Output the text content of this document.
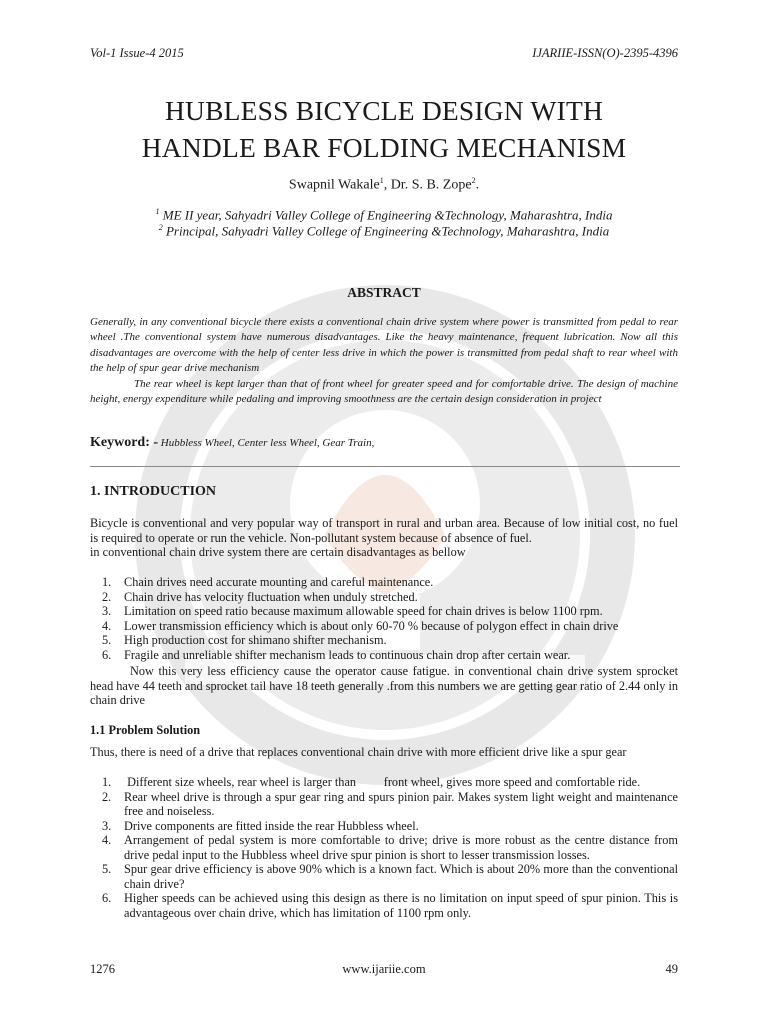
Vol-1 Issue-4 2015	IJARIIE-ISSN(O)-2395-4396
HUBLESS BICYCLE DESIGN WITH
HANDLE BAR FOLDING MECHANISM
Swapnil Wakale$^1$, Dr. S. B. Zope$^2$.
$^1$ ME II year, Sahyadri Valley College of Engineering &Technology, Maharashtra, India
$^2$ Principal, Sahyadri Valley College of Engineering &Technology, Maharashtra, India
ABSTRACT

Generally, in any conventional bicycle there exists a conventional chain drive system where power is transmitted from pedal to rear wheel .The conventional system have numerous disadvantages. Like the heavy maintenance, frequent lubrication. Now all this disadvantages are overcome with the help of center less drive in which the power is transmitted from pedal shaft to rear wheel with the help of spur gear drive mechanism

The rear wheel is kept larger than that of front wheel for greater speed and for comfortable drive. The design of machine height, energy expenditure while pedaling and improving smoothness are the certain design consideration in project

Keyword: - Hubbless Wheel, Center less Wheel, Gear Train,
1. INTRODUCTION
Bicycle is conventional and very popular way of transport in rural and urban area. Because of low initial cost, no fuel is required to operate or run the vehicle. Non-pollutant system because of absence of fuel.
in conventional chain drive system there are certain disadvantages as bellow
1. Chain drives need accurate mounting and careful maintenance.
2. Chain drive has velocity fluctuation when unduly stretched.
3. Limitation on speed ratio because maximum allowable speed for chain drives is below 1100 rpm.
4. Lower transmission efficiency which is about only 60-70 % because of polygon effect in chain drive
5. High production cost for shimano shifter mechanism.
6. Fragile and unreliable shifter mechanism leads to continuous chain drop after certain wear.
Now this very less efficiency cause the operator cause fatigue. in conventional chain drive system sprocket head have 44 teeth and sprocket tail have 18 teeth generally .from this numbers we are getting gear ratio of 2.44 only in chain drive
1.1 Problem Solution
Thus, there is need of a drive that replaces conventional chain drive with more efficient drive like a spur gear
1. Different size wheels, rear wheel is larger than         front wheel, gives more speed and comfortable ride.
2. Rear wheel drive is through a spur gear ring and spurs pinion pair. Makes system light weight and maintenance free and noiseless.
3. Drive components are fitted inside the rear Hubbless wheel.
4. Arrangement of pedal system is more comfortable to drive; drive is more robust as the centre distance from drive pedal input to the Hubbless wheel drive spur pinion is short to lesser transmission losses.
5. Spur gear drive efficiency is above 90% which is a known fact. Which is about 20% more than the conventional chain drive?
6. Higher speeds can be achieved using this design as there is no limitation on input speed of spur pinion. This is advantageous over chain drive, which has limitation of 1100 rpm only.
1276	www.ijariie.com	49
